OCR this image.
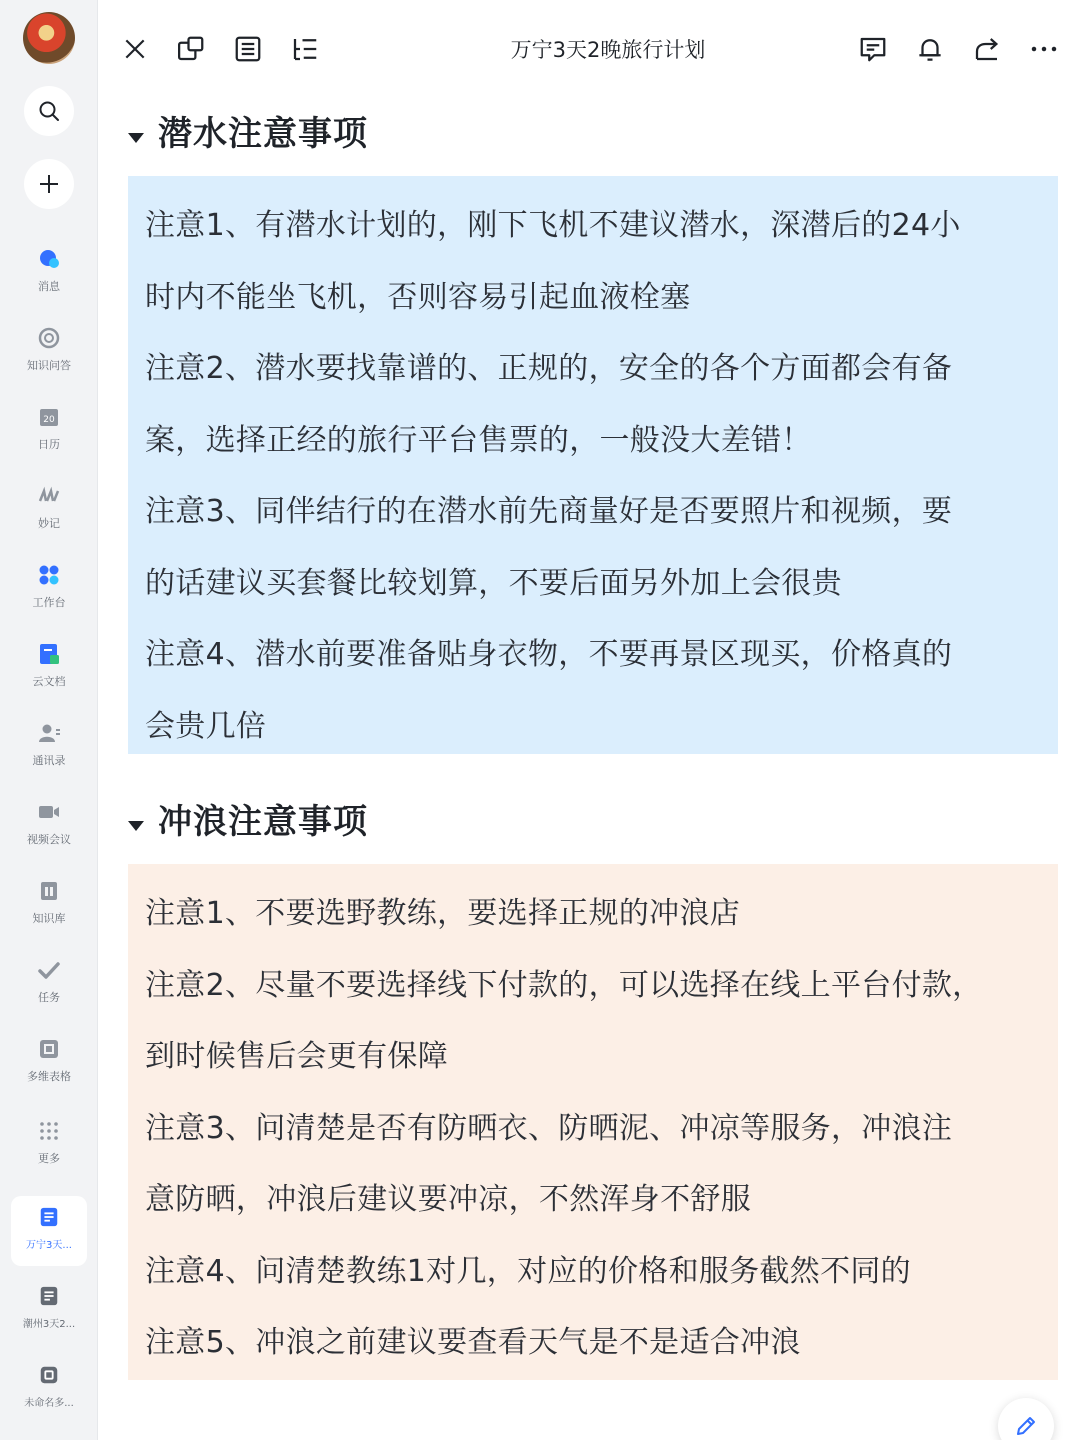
消息
知识问答
20
日历
妙记
工作台
云文档
通讯录
视频会议
知识库
任务
多维表格
更多
万宁3天...
潮州3天2...
未命名多...
万宁3天2晚旅行计划
潜水注意事项

注意1、有潜水计划的，刚下飞机不建议潜水，深潜后的24小

时内不能坐飞机，否则容易引起血液栓塞

注意2、潜水要找靠谱的、正规的，安全的各个方面都会有备

案，选择正经的旅行平台售票的，一般没大差错！

注意3、同伴结行的在潜水前先商量好是否要照片和视频，要

的话建议买套餐比较划算，不要后面另外加上会很贵

注意4、潜水前要准备贴身衣物，不要再景区现买，价格真的

会贵几倍

冲浪注意事项

注意1、不要选野教练，要选择正规的冲浪店

注意2、尽量不要选择线下付款的，可以选择在线上平台付款，

到时候售后会更有保障

注意3、问清楚是否有防晒衣、防晒泥、冲凉等服务，冲浪注

意防晒，冲浪后建议要冲凉，不然浑身不舒服

注意4、问清楚教练1对几，对应的价格和服务截然不同的

注意5、冲浪之前建议要查看天气是不是适合冲浪
